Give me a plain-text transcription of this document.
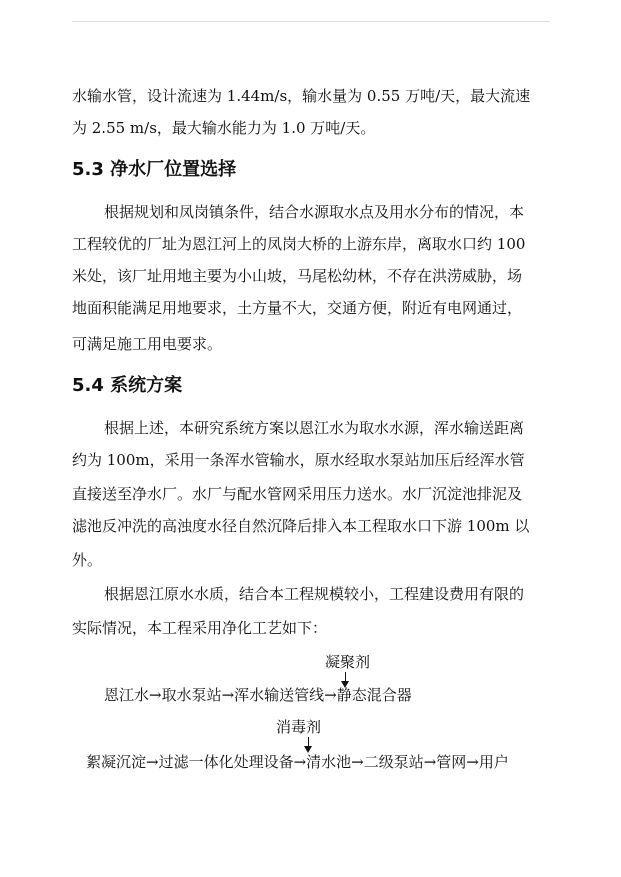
水输水管，设计流速为 1.44m/s，输水量为 0.55 万吨/天，最大流速
为 2.55 m/s，最大输水能力为 1.0 万吨/天。
5.3 净水厂位置选择
根据规划和凤岗镇条件，结合水源取水点及用水分布的情况，本
工程较优的厂址为恩江河上的凤岗大桥的上游东岸，离取水口约 100
米处，该厂址用地主要为小山坡，马尾松幼林，不存在洪涝威胁，场
地面积能满足用地要求，土方量不大，交通方便，附近有电网通过，
可满足施工用电要求。
5.4 系统方案
根据上述，本研究系统方案以恩江水为取水水源，浑水输送距离
约为 100m，采用一条浑水管输水，原水经取水泵站加压后经浑水管
直接送至净水厂。水厂与配水管网采用压力送水。水厂沉淀池排泥及
滤池反冲洗的高浊度水径自然沉降后排入本工程取水口下游 100m 以
外。
根据恩江原水水质，结合本工程规模较小，工程建设费用有限的
实际情况，本工程采用净化工艺如下：
凝聚剂
恩江水→取水泵站→浑水输送管线→静态混合器
消毒剂
絮凝沉淀→过滤一体化处理设备→清水池→二级泵站→管网→用户
